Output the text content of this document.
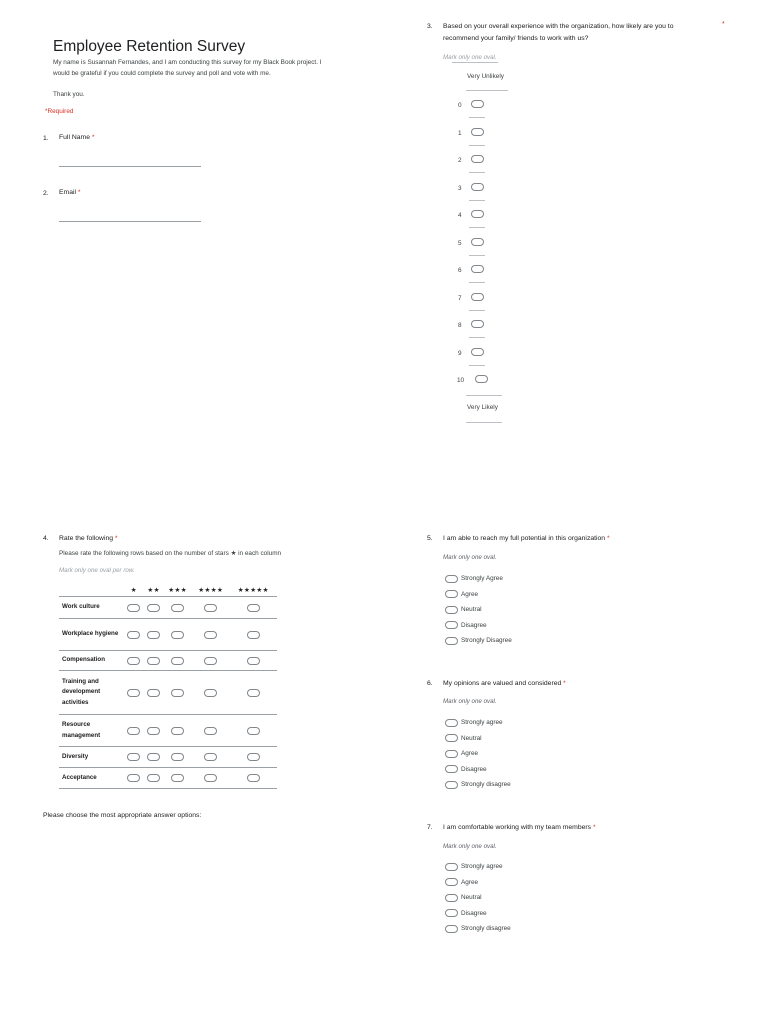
Employee Retention Survey
My name is Susannah Fernandes, and I am conducting this survey for my Black Book project. I would be grateful if you could complete the survey and poll and vote with me.
Thank you.
*Required
1. Full Name *
2. Email *
3. Based on your overall experience with the organization, how likely are you to recommend your family/ friends to work with us?
*
Mark only one oval.
Very Unlikely
0
1
2
3
4
5
6
7
8
9
10
Very Likely
4. Rate the following *
Please rate the following rows based on the number of stars ★ in each column
Mark only one oval per row.
	★	★★	★★★	★★★★	★★★★★
Work culture	

Workplace hygiene	

Compensation	

Training and development activities	

Resource management	

Diversity	

Acceptance	

Please choose the most appropriate answer options:
5. I am able to reach my full potential in this organization *
Mark only one oval.
Strongly Agree
Agree
Neutral
Disagree
Strongly Disagree
6. My opinions are valued and considered *
Mark only one oval.
Strongly agree
Neutral
Agree
Disagree
Strongly disagree
7. I am comfortable working with my team members *
Mark only one oval.
Strongly agree
Agree
Neutral
Disagree
Strongly disagree
